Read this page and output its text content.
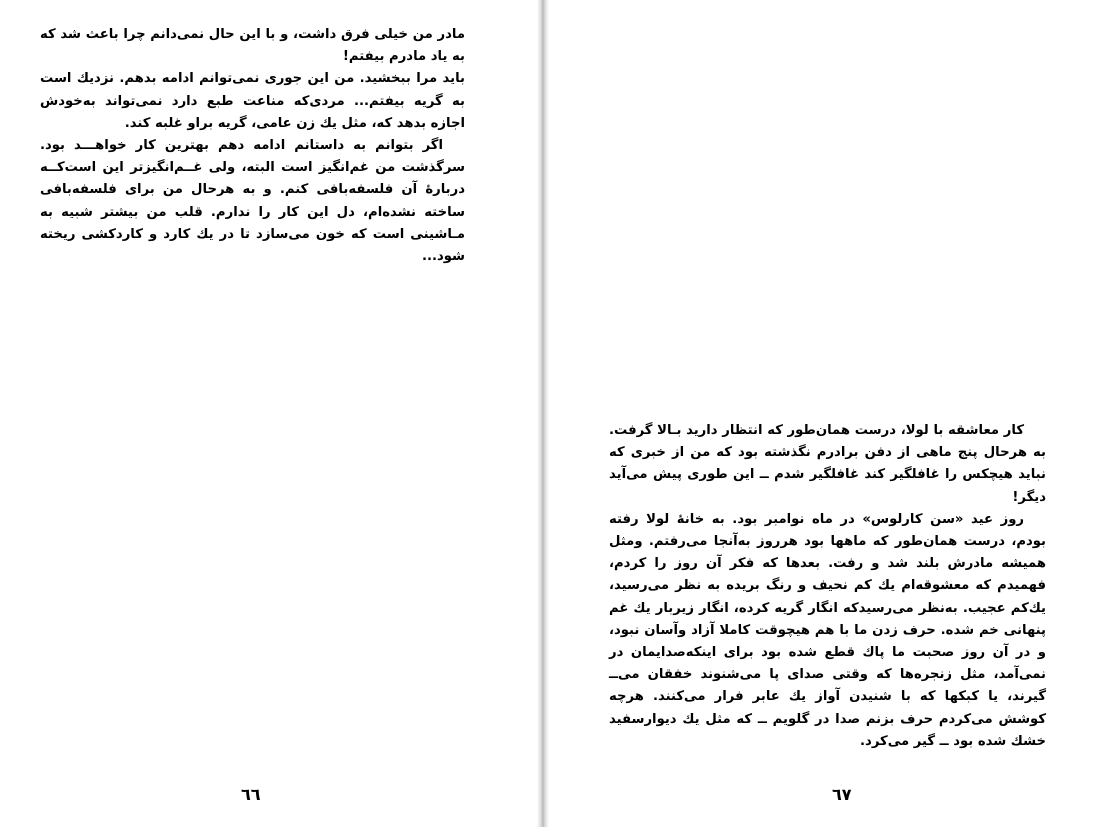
مادر من خیلی فرق داشت، و با این حال نمی‌دانم چرا باعث شد که به یاد مادرم بیفتم!

باید مرا ببخشید. من این جوری نمی‌توانم ادامه بدهم. نزدیك است به گریه بیفتم... مردی‌که مناعت طبع دارد نمی‌تواند به‌خودش اجازه بدهد که، مثل یك زن عامی، گریه براو غلبه کند.

اگر بتوانم به داستانم ادامه دهم بهترین کار خواهـــد بود. سرگذشت من غم‌انگیز است البته، ولی غــم‌انگیزتر این است‌کــه دربارهٔ آن فلسفه‌بافی کنم. و به هرحال من برای فلسفه‌بافی ساخته نشده‌ام، دل این کار را ندارم. قلب من بیشتر شبیه به مـاشینی است که خون می‌سازد تا در یك کارد و کاردکشی ریخته شود...

٦٦

کار معاشقه با لولا، درست همان‌طور که انتظار دارید بـالا گرفت. به هرحال پنج ماهی از دفن برادرم نگذشته بود که من از خبری که نباید هیچکس را غافلگیر کند غافلگیر شدم ــ این طوری پیش می‌آید دیگر!

روز عید «سن کارلوس» در ماه نوامبر بود. به خانهٔ لولا رفته بودم، درست همان‌طور که ماهها بود هرروز به‌آنجا می‌رفتم. ومثل همیشه مادرش بلند شد و رفت. بعدها که فکر آن روز را کردم، فهمیدم که معشوقه‌ام یك کم نحیف و رنگ بریده به نظر می‌رسید، یك‌کم عجیب. به‌نظر می‌رسید‌که انگار گریه کرده، انگار زیربار یك غم پنهانی خم شده. حرف زدن ما با هم هیچوقت کاملا آزاد وآسان نبود، و در آن روز صحبت ما پاك قطع شده بود برای اینکه‌صدایمان در نمی‌آمد، مثل زنجره‌ها که وقتی صدای پا می‌شنوند خفقان می‌ــ گیرند، یا کبکها که با شنیدن آواز یك عابر فرار می‌کنند. هرچه کوشش می‌کردم حرف بزنم صدا در گلویم ــ که مثل یك دیوارسفید خشك شده بود ــ گیر می‌کرد.

٦٧
